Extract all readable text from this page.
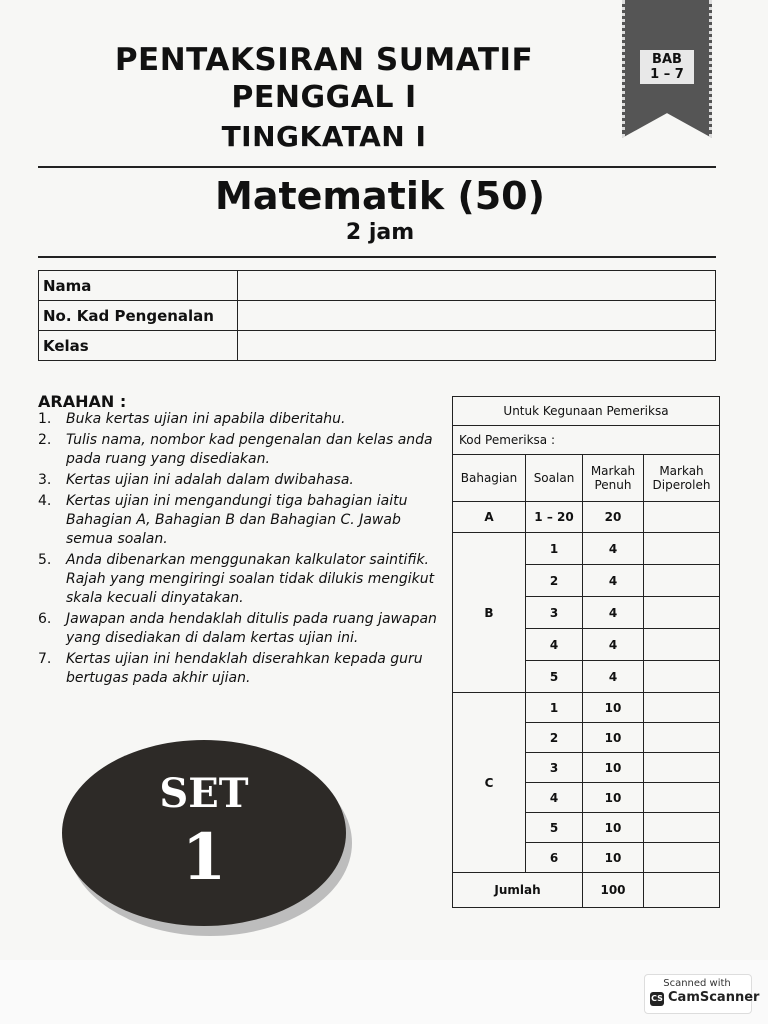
PENTAKSIRAN SUMATIF
PENGGAL I
TINGKATAN I
BAB
1 – 7
Matematik (50)
2 jam
Nama	
No. Kad Pengenalan	
Kelas	
ARAHAN :
1. Buka kertas ujian ini apabila diberitahu.
2. Tulis nama, nombor kad pengenalan dan kelas anda pada ruang yang disediakan.
3. Kertas ujian ini adalah dalam dwibahasa.
4. Kertas ujian ini mengandungi tiga bahagian iaitu Bahagian A, Bahagian B dan Bahagian C. Jawab semua soalan.
5. Anda dibenarkan menggunakan kalkulator saintifik. Rajah yang mengiringi soalan tidak dilukis mengikut skala kecuali dinyatakan.
6. Jawapan anda hendaklah ditulis pada ruang jawapan yang disediakan di dalam kertas ujian ini.
7. Kertas ujian ini hendaklah diserahkan kepada guru bertugas pada akhir ujian.
Untuk Kegunaan Pemeriksa			
Kod Pemeriksa :			
Bahagian	Soalan	Markah Penuh	Markah Diperoleh
A	1 – 20	20	
B	1	4	
	2	4	
	3	4	
	4	4	
	5	4	
C	1	10	
	2	10	
	3	10	
	4	10	
	5	10	
	6	10	
Jumlah		100	
SET
1
Scanned with
CS CamScanner
